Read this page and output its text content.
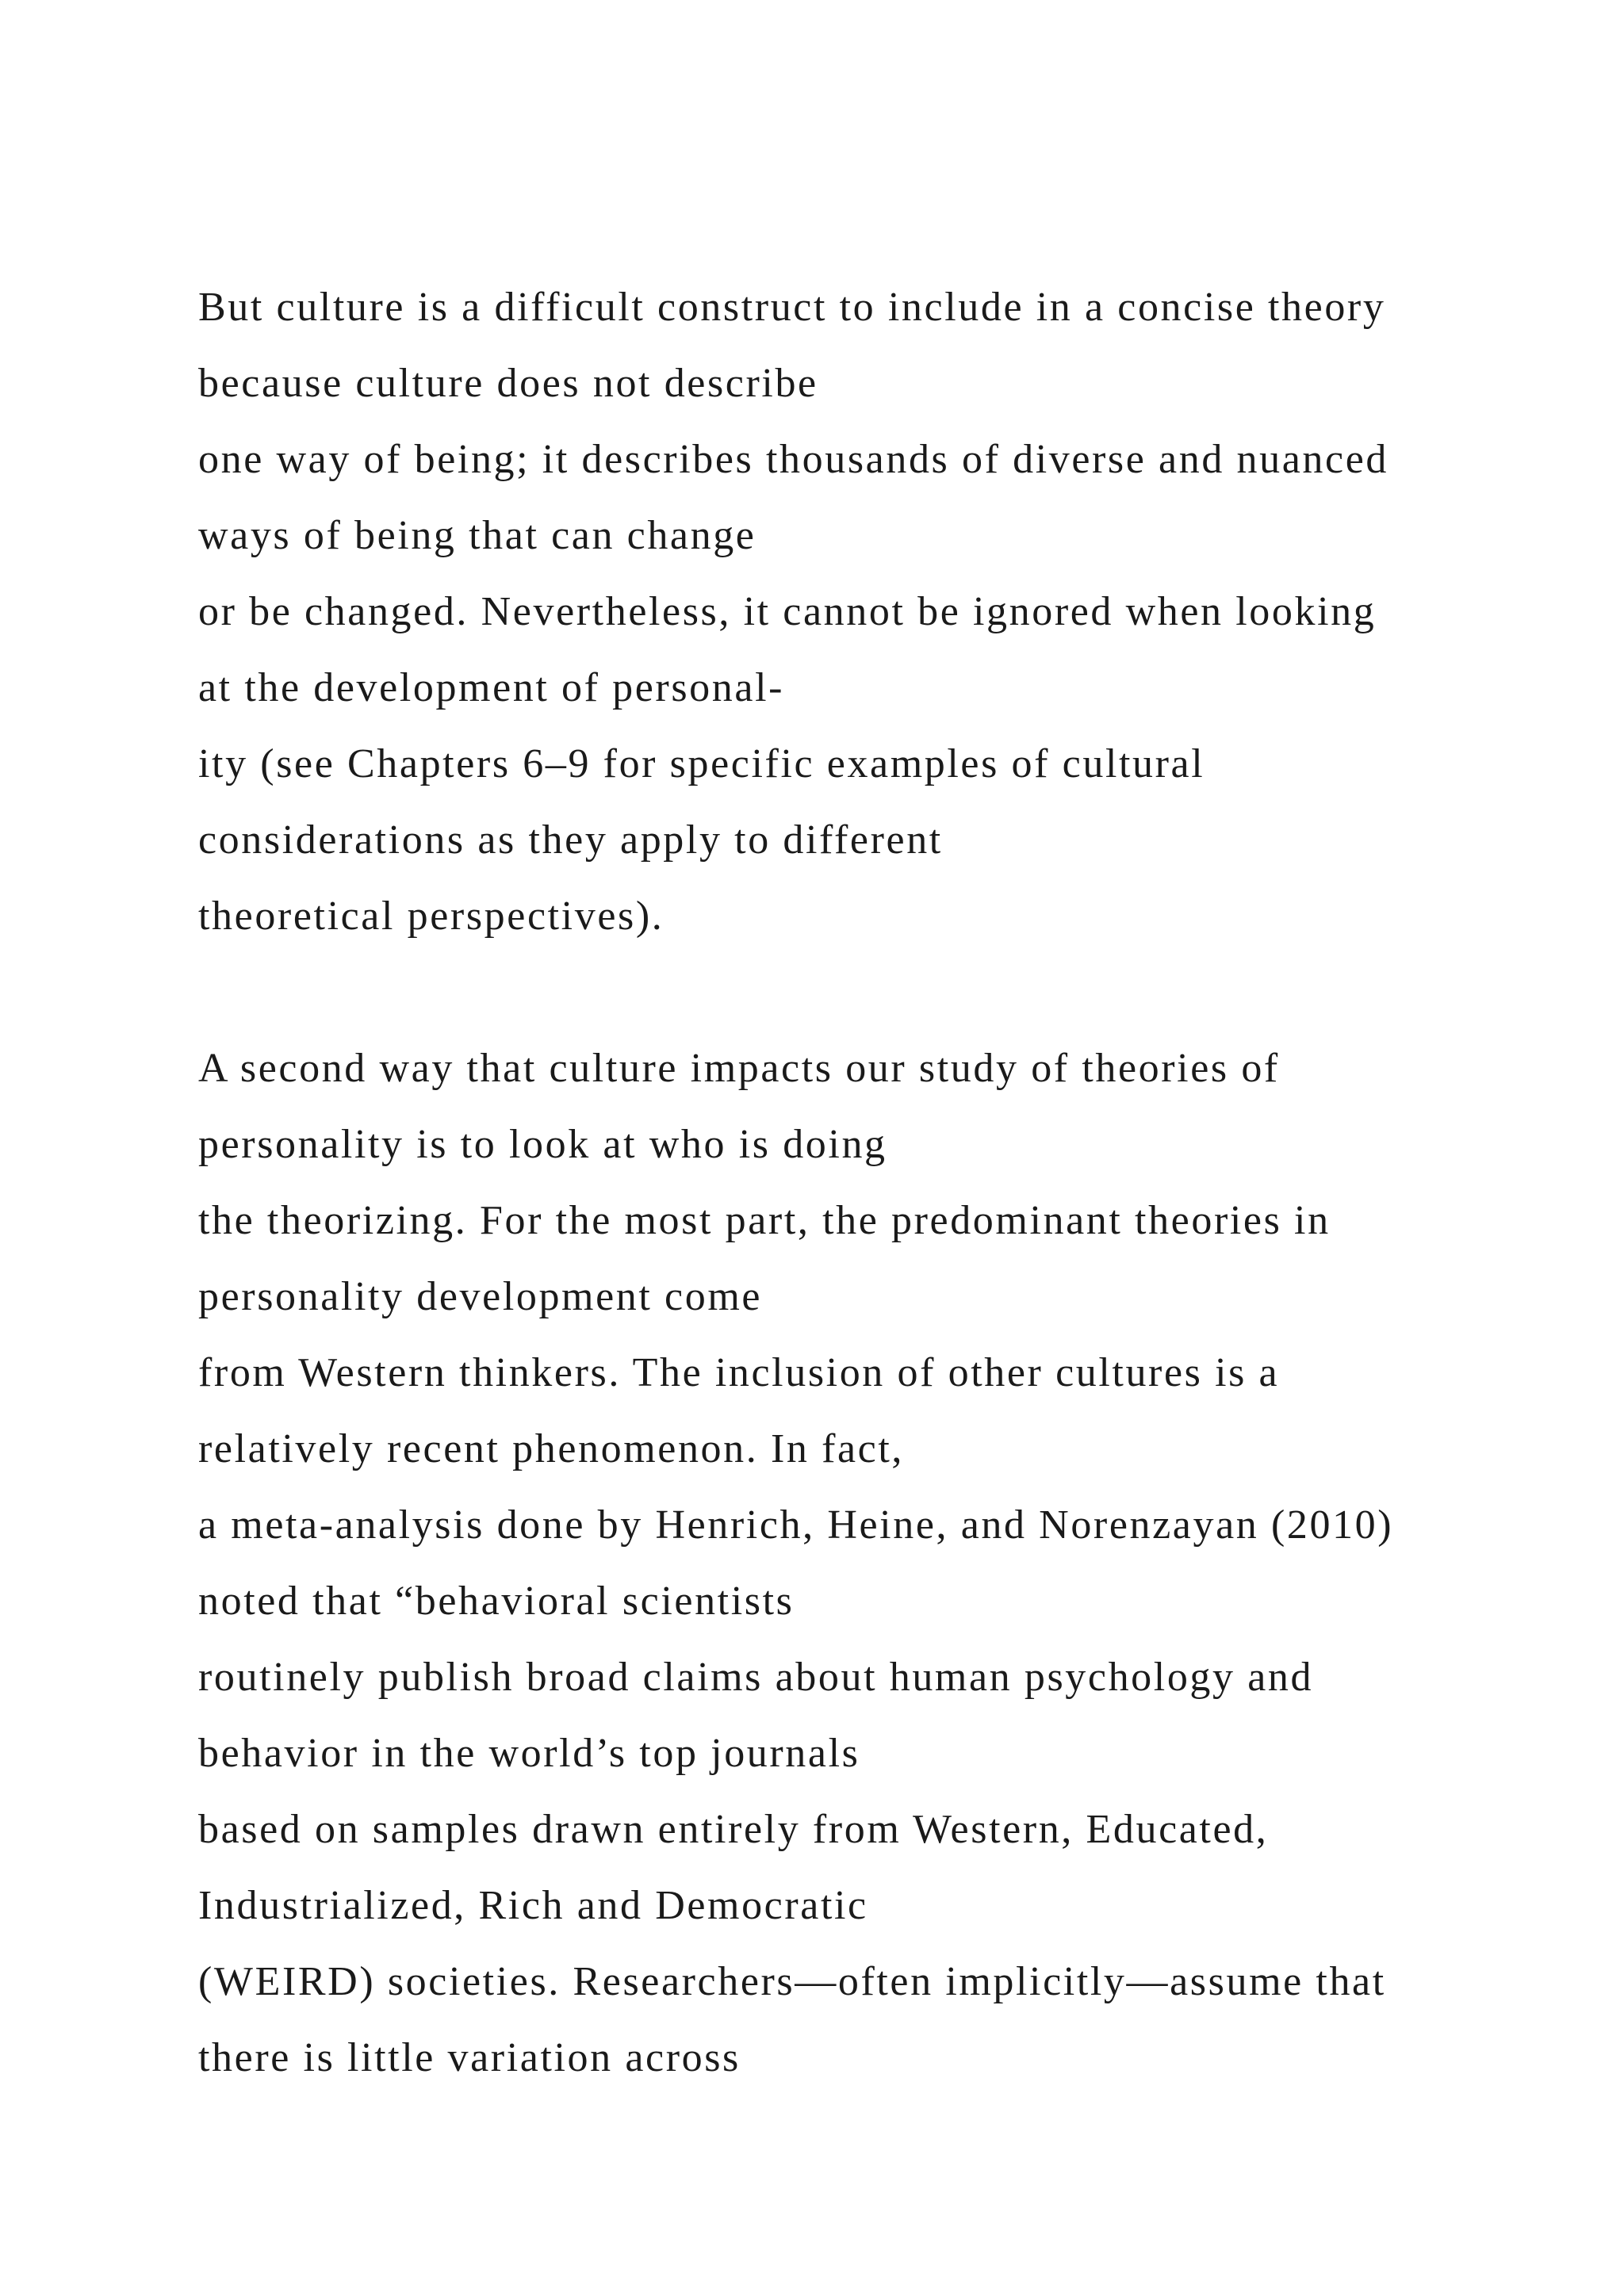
But culture is a difficult construct to include in a concise theory
because culture does not describe
one way of being; it describes thousands of diverse and nuanced
ways of being that can change
or be changed. Nevertheless, it cannot be ignored when looking
at the development of personal-
ity (see Chapters 6–9 for specific examples of cultural
considerations as they apply to different
theoretical perspectives).
A second way that culture impacts our study of theories of
personality is to look at who is doing
the theorizing. For the most part, the predominant theories in
personality development come
from Western thinkers. The inclusion of other cultures is a
relatively recent phenomenon. In fact,
a meta-analysis done by Henrich, Heine, and Norenzayan (2010)
noted that “behavioral scientists
routinely publish broad claims about human psychology and
behavior in the world’s top journals
based on samples drawn entirely from Western, Educated,
Industrialized, Rich and Democratic
(WEIRD) societies. Researchers—often implicitly—assume that
there is little variation across
